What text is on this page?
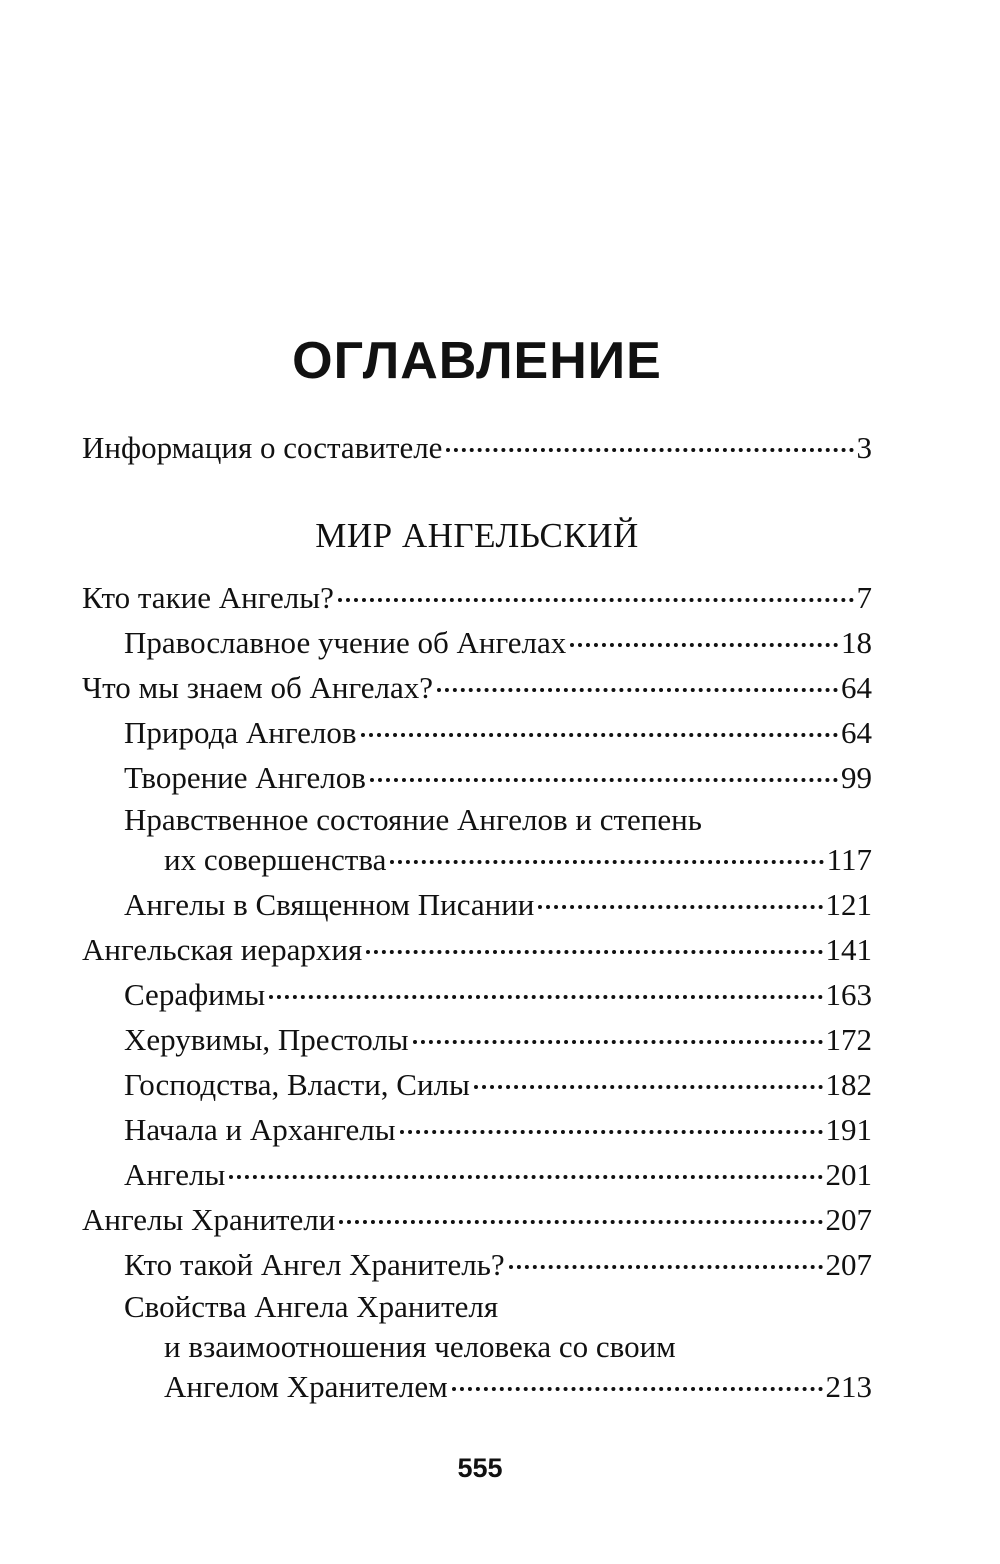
ОГЛАВЛЕНИЕ
Информация о составителе	3
МИР АНГЕЛЬСКИЙ
Кто такие Ангелы?	7
Православное учение об Ангелах	18
Что мы знаем об Ангелах?	64
Природа Ангелов	64
Творение Ангелов	99
Нравственное состояние Ангелов и степень
их совершенства	117
Ангелы в Священном Писании	121
Ангельская иерархия	141
Серафимы	163
Херувимы, Престолы	172
Господства, Власти, Силы	182
Начала и Архангелы	191
Ангелы	201
Ангелы Хранители	207
Кто такой Ангел Хранитель?	207
Свойства Ангела Хранителя
и взаимоотношения человека со своим
Ангелом Хранителем	213
555
